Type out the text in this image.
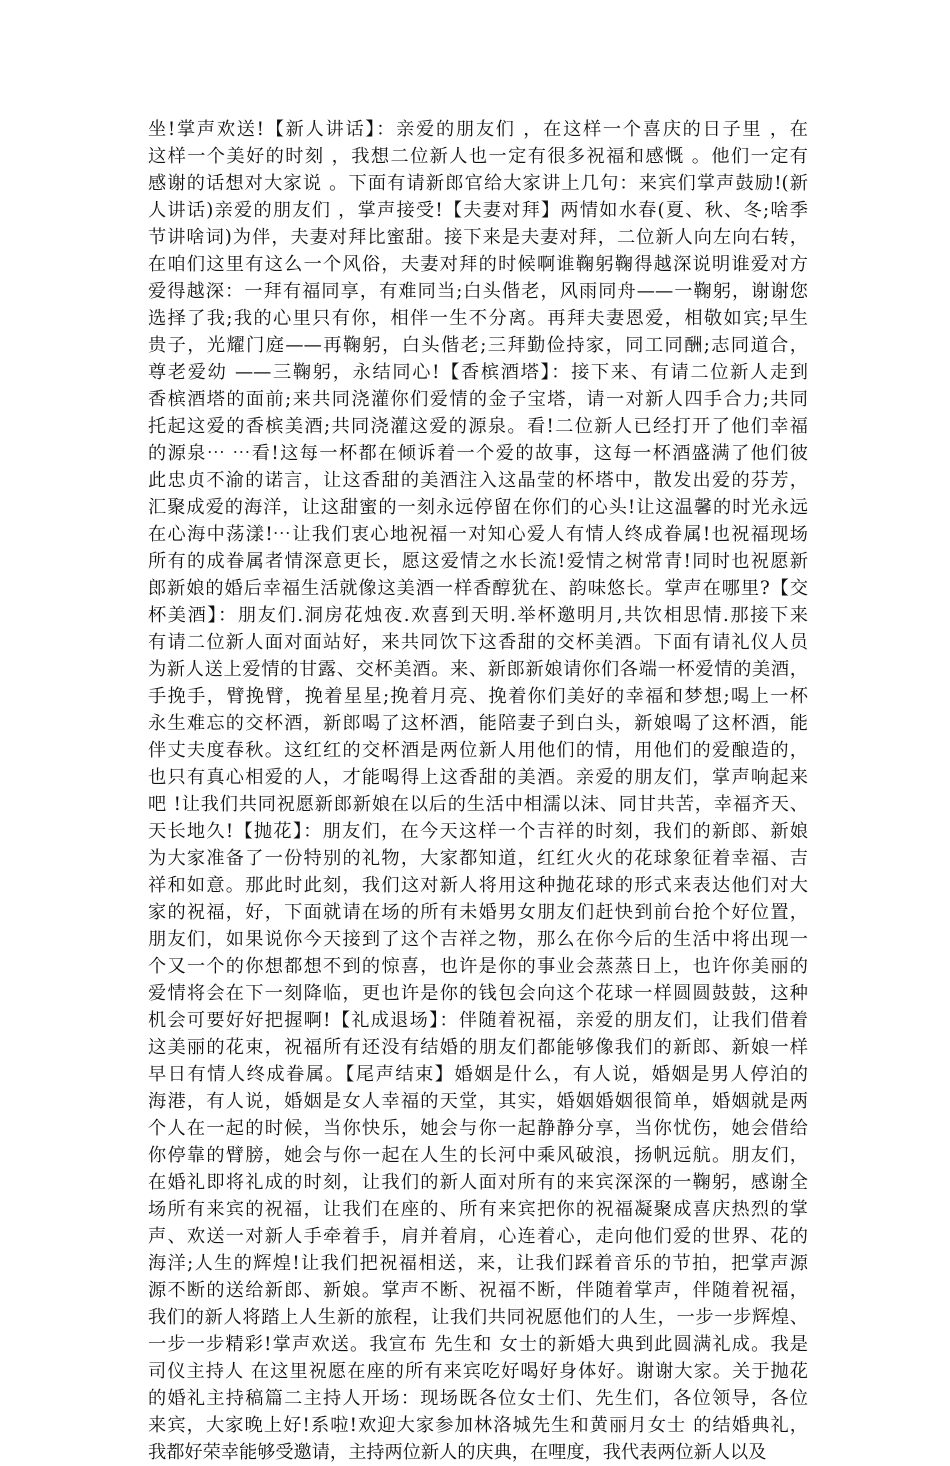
坐!掌声欢送!【新人讲话】：亲爱的朋友们 ，在这样一个喜庆的日子里 ，在
这样一个美好的时刻 ，我想二位新人也一定有很多祝福和感慨 。他们一定有
感谢的话想对大家说 。下面有请新郎官给大家讲上几句：来宾们掌声鼓励!(新
人讲话)亲爱的朋友们 ，掌声接受!【夫妻对拜】两情如水春(夏、秋、冬;啥季
节讲啥词)为伴，夫妻对拜比蜜甜。接下来是夫妻对拜，二位新人向左向右转，
在咱们这里有这么一个风俗，夫妻对拜的时候啊谁鞠躬鞠得越深说明谁爱对方
爱得越深：一拜有福同享，有难同当;白头偕老，风雨同舟——一鞠躬，谢谢您
选择了我;我的心里只有你，相伴一生不分离。再拜夫妻恩爱，相敬如宾;早生
贵子，光耀门庭——再鞠躬，白头偕老;三拜勤俭持家，同工同酬;志同道合，
尊老爱幼 ——三鞠躬，永结同心!【香槟酒塔】：接下来、有请二位新人走到
香槟酒塔的面前;来共同浇灌你们爱情的金子宝塔，请一对新人四手合力;共同
托起这爱的香槟美酒;共同浇灌这爱的源泉。看!二位新人已经打开了他们幸福
的源泉⋯ ⋯看!这每一杯都在倾诉着一个爱的故事，这每一杯酒盛满了他们彼
此忠贞不渝的诺言，让这香甜的美酒注入这晶莹的杯塔中，散发出爱的芬芳，
汇聚成爱的海洋，让这甜蜜的一刻永远停留在你们的心头!让这温馨的时光永远
在心海中荡漾!⋯让我们衷心地祝福一对知心爱人有情人终成眷属!也祝福现场
所有的成眷属者情深意更长，愿这爱情之水长流!爱情之树常青!同时也祝愿新
郎新娘的婚后幸福生活就像这美酒一样香醇犹在、韵味悠长。掌声在哪里?【交
杯美酒】：朋友们.洞房花烛夜.欢喜到天明.举杯邀明月,共饮相思情.那接下来
有请二位新人面对面站好，来共同饮下这香甜的交杯美酒。下面有请礼仪人员
为新人送上爱情的甘露、交杯美酒。来、新郎新娘请你们各端一杯爱情的美酒，
手挽手，臂挽臂，挽着星星;挽着月亮、挽着你们美好的幸福和梦想;喝上一杯
永生难忘的交杯酒，新郎喝了这杯酒，能陪妻子到白头，新娘喝了这杯酒，能
伴丈夫度春秋。这红红的交杯酒是两位新人用他们的情，用他们的爱酿造的，
也只有真心相爱的人，才能喝得上这香甜的美酒。亲爱的朋友们，掌声响起来
吧 !让我们共同祝愿新郎新娘在以后的生活中相濡以沫、同甘共苦，幸福齐天、
天长地久!【抛花】：朋友们，在今天这样一个吉祥的时刻，我们的新郎、新娘
为大家准备了一份特别的礼物，大家都知道，红红火火的花球象征着幸福、吉
祥和如意。那此时此刻，我们这对新人将用这种抛花球的形式来表达他们对大
家的祝福，好，下面就请在场的所有未婚男女朋友们赶快到前台抢个好位置，
朋友们，如果说你今天接到了这个吉祥之物，那么在你今后的生活中将出现一
个又一个的你想都想不到的惊喜，也许是你的事业会蒸蒸日上，也许你美丽的
爱情将会在下一刻降临，更也许是你的钱包会向这个花球一样圆圆鼓鼓，这种
机会可要好好把握啊!【礼成退场】：伴随着祝福，亲爱的朋友们，让我们借着
这美丽的花束，祝福所有还没有结婚的朋友们都能够像我们的新郎、新娘一样
早日有情人终成眷属。【尾声结束】婚姻是什么，有人说，婚姻是男人停泊的
海港，有人说，婚姻是女人幸福的天堂，其实，婚姻婚姻很简单，婚姻就是两
个人在一起的时候，当你快乐，她会与你一起静静分享，当你忧伤，她会借给
你停靠的臂膀，她会与你一起在人生的长河中乘风破浪，扬帆远航。朋友们，
在婚礼即将礼成的时刻，让我们的新人面对所有的来宾深深的一鞠躬，感谢全
场所有来宾的祝福，让我们在座的、所有来宾把你的祝福凝聚成喜庆热烈的掌
声、欢送一对新人手牵着手，肩并着肩，心连着心，走向他们爱的世界、花的
海洋;人生的辉煌!让我们把祝福相送，来，让我们踩着音乐的节拍，把掌声源
源不断的送给新郎、新娘。掌声不断、祝福不断，伴随着掌声，伴随着祝福，
我们的新人将踏上人生新的旅程，让我们共同祝愿他们的人生，一步一步辉煌、
一步一步精彩!掌声欢送。我宣布 先生和 女士的新婚大典到此圆满礼成。我是
司仪主持人 在这里祝愿在座的所有来宾吃好喝好身体好。谢谢大家。关于抛花
的婚礼主持稿篇二主持人开场：现场既各位女士们、先生们，各位领导，各位
来宾，大家晚上好!系啦!欢迎大家参加林洛城先生和黄丽月女士 的结婚典礼，
我都好荣幸能够受邀请，主持两位新人的庆典，在哩度，我代表两位新人以及
